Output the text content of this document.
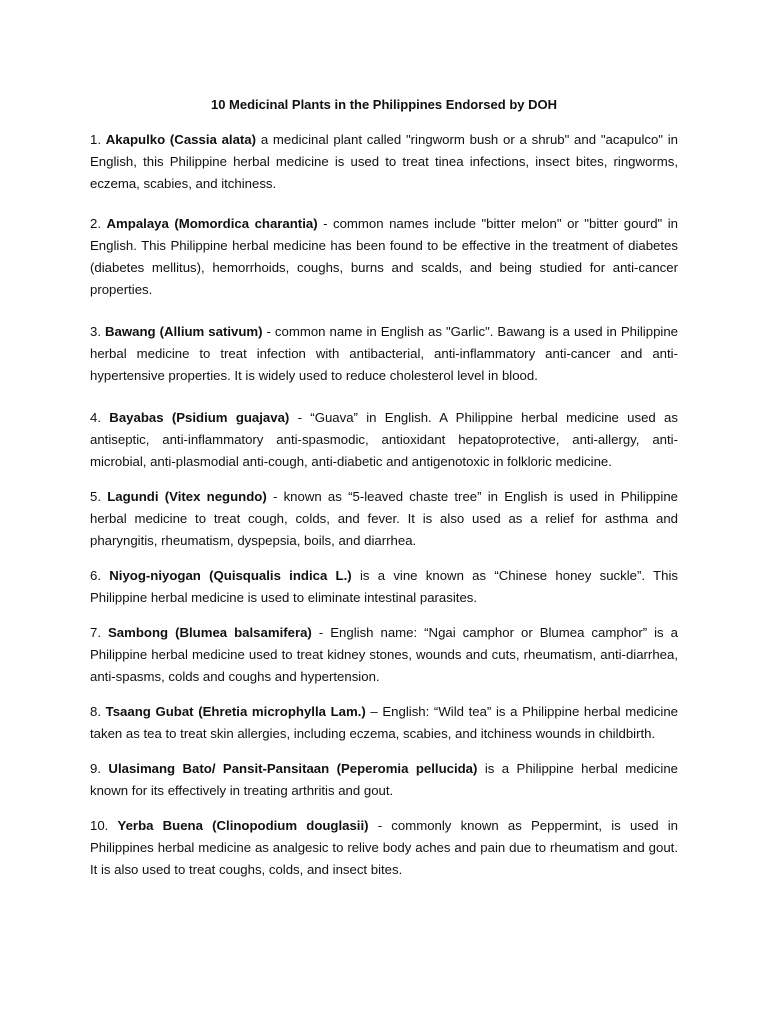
10 Medicinal Plants in the Philippines Endorsed by DOH

1. Akapulko (Cassia alata) a medicinal plant called "ringworm bush or a shrub" and "acapulco" in English, this Philippine herbal medicine is used to treat tinea infections, insect bites, ringworms, eczema, scabies, and itchiness.

2. Ampalaya (Momordica charantia) - common names include "bitter melon" or "bitter gourd" in English. This Philippine herbal medicine has been found to be effective in the treatment of diabetes (diabetes mellitus), hemorrhoids, coughs, burns and scalds, and being studied for anti-cancer properties.

3. Bawang (Allium sativum) - common name in English as "Garlic". Bawang is a used in Philippine herbal medicine to treat infection with antibacterial, anti-inflammatory anti-cancer and anti-hypertensive properties. It is widely used to reduce cholesterol level in blood.

4. Bayabas (Psidium guajava) - “Guava” in English. A Philippine herbal medicine used as antiseptic, anti-inflammatory anti-spasmodic, antioxidant hepatoprotective, anti-allergy, anti-microbial, anti-plasmodial anti-cough, anti-diabetic and antigenotoxic in folkloric medicine.

5. Lagundi (Vitex negundo) - known as “5-leaved chaste tree” in English is used in Philippine herbal medicine to treat cough, colds, and fever. It is also used as a relief for asthma and pharyngitis, rheumatism, dyspepsia, boils, and diarrhea.

6. Niyog-niyogan (Quisqualis indica L.) is a vine known as “Chinese honey suckle”. This Philippine herbal medicine is used to eliminate intestinal parasites.

7. Sambong (Blumea balsamifera) - English name: “Ngai camphor or Blumea camphor” is a Philippine herbal medicine used to treat kidney stones, wounds and cuts, rheumatism, anti-diarrhea, anti-spasms, colds and coughs and hypertension.

8. Tsaang Gubat (Ehretia microphylla Lam.) – English: “Wild tea” is a Philippine herbal medicine taken as tea to treat skin allergies, including eczema, scabies, and itchiness wounds in childbirth.

9. Ulasimang Bato/ Pansit-Pansitaan (Peperomia pellucida) is a Philippine herbal medicine known for its effectively in treating arthritis and gout.

10. Yerba Buena (Clinopodium douglasii) - commonly known as Peppermint, is used in Philippines herbal medicine as analgesic to relive body aches and pain due to rheumatism and gout. It is also used to treat coughs, colds, and insect bites.
